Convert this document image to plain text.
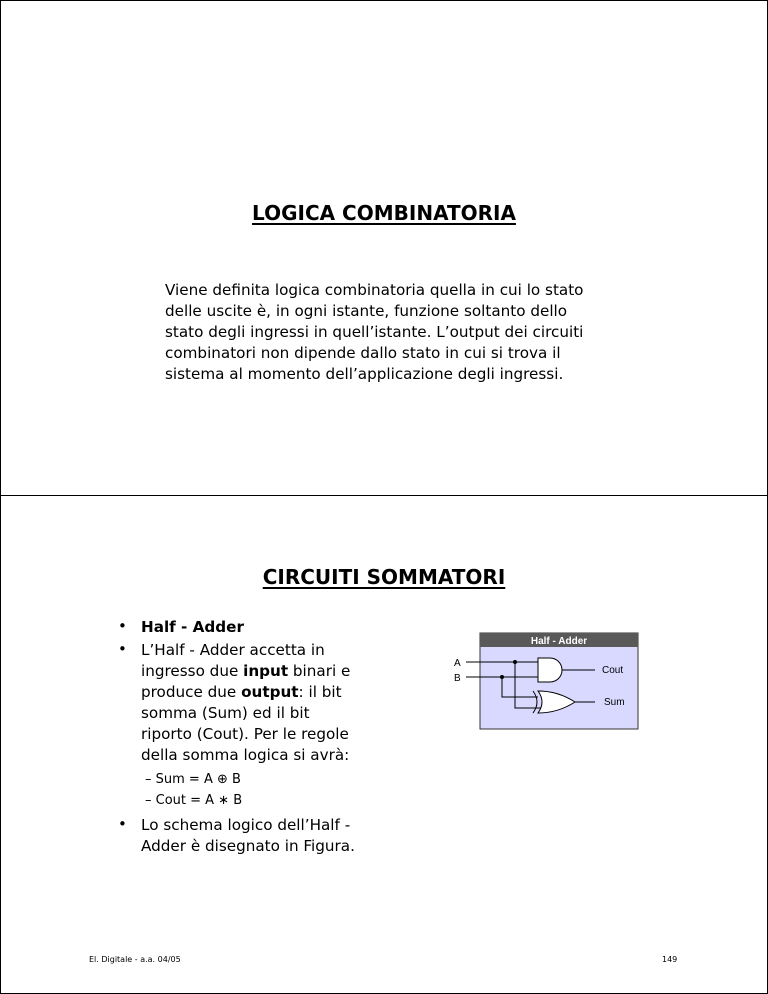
LOGICA COMBINATORIA
Viene definita logica combinatoria quella in cui lo stato
delle uscite è, in ogni istante, funzione soltanto dello
stato degli ingressi in quell’istante. L’output dei circuiti
combinatori non dipende dallo stato in cui si trova il
sistema al momento dell’applicazione degli ingressi.
CIRCUITI SOMMATORI
• Half - Adder
• L’Half - Adder accetta in
ingresso due input binari e
produce due output: il bit
somma (Sum) ed il bit
riporto (Cout). Per le regole
della somma logica si avrà:
– Sum = A ⊕ B
– Cout = A ∗ B
• Lo schema logico dell’Half -
Adder è disegnato in Figura.
Half - Adder
A
B
Cout
Sum
El. Digitale - a.a. 04/05	149
